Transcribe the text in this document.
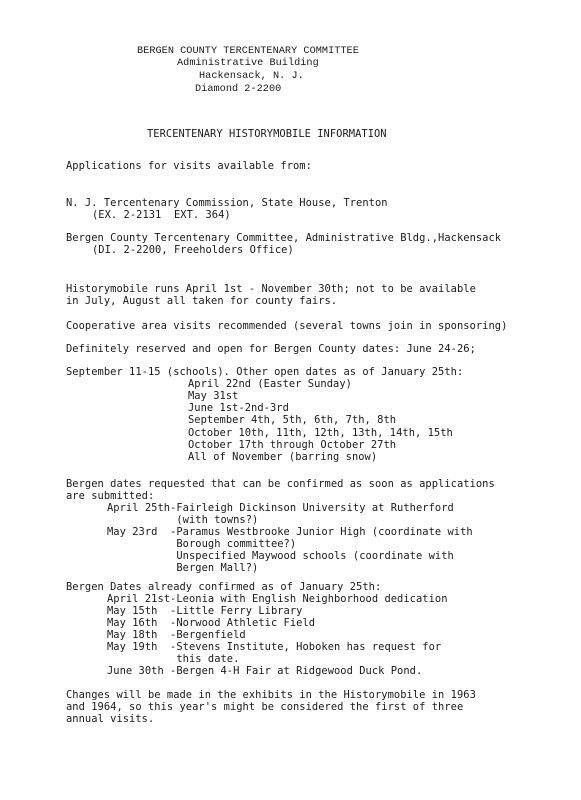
BERGEN COUNTY TERCENTENARY COMMITTEE
Administrative Building
Hackensack, N. J.
Diamond 2-2200
TERCENTENARY HISTORYMOBILE INFORMATION
Applications for visits available from:
N. J. Tercentenary Commission, State House, Trenton
(EX. 2-2131  EXT. 364)
Bergen County Tercentenary Committee, Administrative Bldg.,Hackensack
(DI. 2-2200, Freeholders Office)
Historymobile runs April 1st - November 30th; not to be available
in July, August all taken for county fairs.
Cooperative area visits recommended (several towns join in sponsoring)
Definitely reserved and open for Bergen County dates: June 24-26;
September 11-15 (schools). Other open dates as of January 25th:
April 22nd (Easter Sunday)
May 31st
June 1st-2nd-3rd
September 4th, 5th, 6th, 7th, 8th
October 10th, 11th, 12th, 13th, 14th, 15th
October 17th through October 27th
All of November (barring snow)
Bergen dates requested that can be confirmed as soon as applications
are submitted:
April 25th-Fairleigh Dickinson University at Rutherford
(with towns?)
May 23rd  -Paramus Westbrooke Junior High (coordinate with
Borough committee?)
Unspecified Maywood schools (coordinate with
Bergen Mall?)
Bergen Dates already confirmed as of January 25th:
April 21st-Leonia with English Neighborhood dedication
May 15th  -Little Ferry Library
May 16th  -Norwood Athletic Field
May 18th  -Bergenfield
May 19th  -Stevens Institute, Hoboken has request for
this date.
June 30th -Bergen 4-H Fair at Ridgewood Duck Pond.
Changes will be made in the exhibits in the Historymobile in 1963
and 1964, so this year's might be considered the first of three
annual visits.
